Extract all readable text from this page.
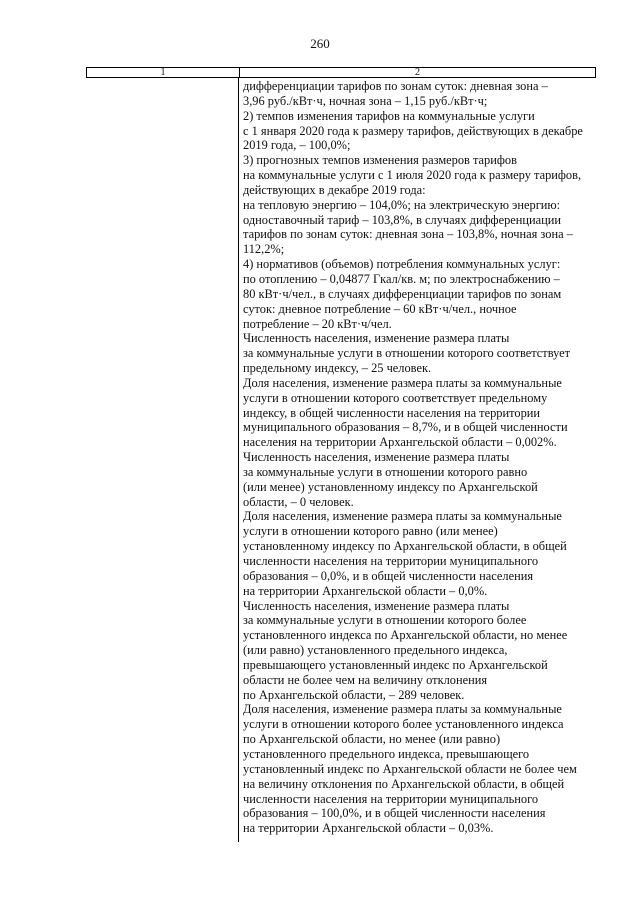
260
1	2
дифференциации тарифов по зонам суток: дневная зона –
3,96 руб./кВт·ч, ночная зона – 1,15 руб./кВт·ч;
2) темпов изменения тарифов на коммунальные услуги
с 1 января 2020 года к размеру тарифов, действующих в декабре
2019 года, – 100,0%;
3) прогнозных темпов изменения размеров тарифов
на коммунальные услуги с 1 июля 2020 года к размеру тарифов,
действующих в декабре 2019 года:
на тепловую энергию – 104,0%; на электрическую энергию:
одноставочный тариф – 103,8%, в случаях дифференциации
тарифов по зонам суток: дневная зона – 103,8%, ночная зона –
112,2%;
4) нормативов (объемов) потребления коммунальных услуг:
по отоплению – 0,04877 Гкал/кв. м; по электроснабжению –
80 кВт·ч/чел., в случаях дифференциации тарифов по зонам
суток: дневное потребление – 60 кВт·ч/чел., ночное
потребление – 20 кВт·ч/чел.
Численность населения, изменение размера платы
за коммунальные услуги в отношении которого соответствует
предельному индексу, – 25 человек.
Доля населения, изменение размера платы за коммунальные
услуги в отношении которого соответствует предельному
индексу, в общей численности населения на территории
муниципального образования – 8,7%, и в общей численности
населения на территории Архангельской области – 0,002%.
Численность населения, изменение размера платы
за коммунальные услуги в отношении которого равно
(или менее) установленному индексу по Архангельской
области, – 0 человек.
Доля населения, изменение размера платы за коммунальные
услуги в отношении которого равно (или менее)
установленному индексу по Архангельской области, в общей
численности населения на территории муниципального
образования – 0,0%, и в общей численности населения
на территории Архангельской области – 0,0%.
Численность населения, изменение размера платы
за коммунальные услуги в отношении которого более
установленного индекса по Архангельской области, но менее
(или равно) установленного предельного индекса,
превышающего установленный индекс по Архангельской
области не более чем на величину отклонения
по Архангельской области, – 289 человек.
Доля населения, изменение размера платы за коммунальные
услуги в отношении которого более установленного индекса
по Архангельской области, но менее (или равно)
установленного предельного индекса, превышающего
установленный индекс по Архангельской области не более чем
на величину отклонения по Архангельской области, в общей
численности населения на территории муниципального
образования – 100,0%, и в общей численности населения
на территории Архангельской области – 0,03%.
